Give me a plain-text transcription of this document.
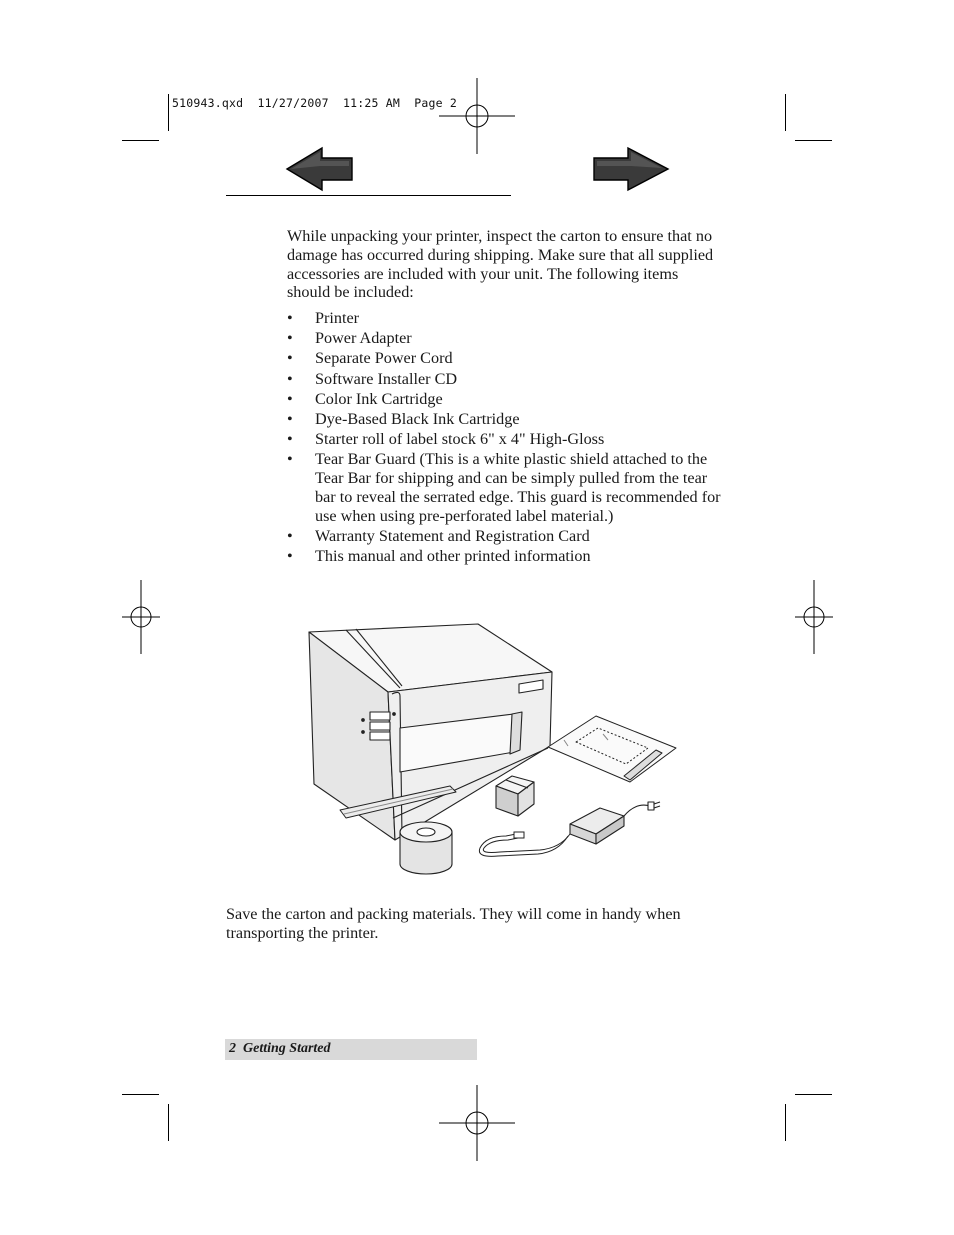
510943.qxd  11/27/2007  11:25 AM  Page 2

While unpacking your printer, inspect the carton to ensure that no damage has occurred during shipping. Make sure that all supplied accessories are included with your unit. The following items should be included:

• Printer
• Power Adapter
• Separate Power Cord
• Software Installer CD
• Color Ink Cartridge
• Dye-Based Black Ink Cartridge
• Starter roll of label stock 6" x 4" High-Gloss
• Tear Bar Guard (This is a white plastic shield attached to the Tear Bar for shipping and can be simply pulled from the tear bar to reveal the serrated edge. This guard is recommended for use when using pre-perforated label material.)
• Warranty Statement and Registration Card
• This manual and other printed information

Save the carton and packing materials. They will come in handy when transporting the printer.

2 Getting Started
